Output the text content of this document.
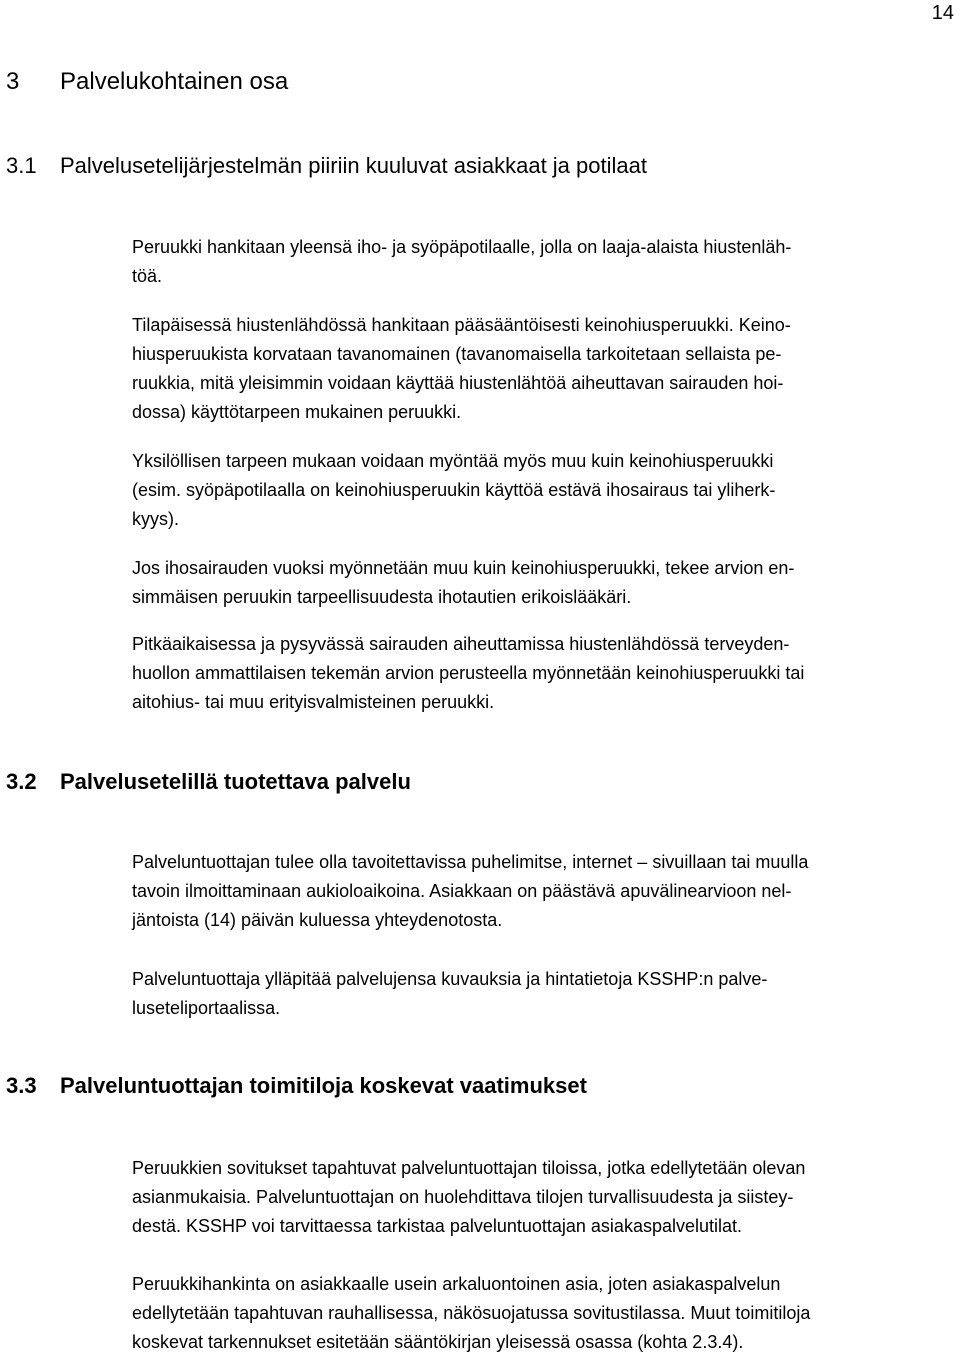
14
3 Palvelukohtainen osa
3.1 Palvelusetelijärjestelmän piiriin kuuluvat asiakkaat ja potilaat
Peruukki hankitaan yleensä iho- ja syöpäpotilaalle, jolla on laaja-alaista hiustenläh-
töä.
Tilapäisessä hiustenlähdössä hankitaan pääsääntöisesti keinohiusperuukki. Keino-
hiusperuukista korvataan tavanomainen (tavanomaisella tarkoitetaan sellaista pe-
ruukkia, mitä yleisimmin voidaan käyttää hiustenlähtöä aiheuttavan sairauden hoi-
dossa) käyttötarpeen mukainen peruukki.
Yksilöllisen tarpeen mukaan voidaan myöntää myös muu kuin keinohiusperuukki
(esim. syöpäpotilaalla on keinohiusperuukin käyttöä estävä ihosairaus tai yliherk-
kyys).
Jos ihosairauden vuoksi myönnetään muu kuin keinohiusperuukki, tekee arvion en-
simmäisen peruukin tarpeellisuudesta ihotautien erikoislääkäri.
Pitkäaikaisessa ja pysyvässä sairauden aiheuttamissa hiustenlähdössä terveyden-
huollon ammattilaisen tekemän arvion perusteella myönnetään keinohiusperuukki tai
aitohius- tai muu erityisvalmisteinen peruukki.
3.2 Palvelusetelillä tuotettava palvelu
Palveluntuottajan tulee olla tavoitettavissa puhelimitse, internet – sivuillaan tai muulla
tavoin ilmoittaminaan aukioloaikoina. Asiakkaan on päästävä apuvälinearvioon nel-
jäntoista (14) päivän kuluessa yhteydenotosta.
Palveluntuottaja ylläpitää palvelujensa kuvauksia ja hintatietoja KSSHP:n palve-
luseteliportaalissa.
3.3 Palveluntuottajan toimitiloja koskevat vaatimukset
Peruukkien sovitukset tapahtuvat palveluntuottajan tiloissa, jotka edellytetään olevan
asianmukaisia. Palveluntuottajan on huolehdittava tilojen turvallisuudesta ja siistey-
destä. KSSHP voi tarvittaessa tarkistaa palveluntuottajan asiakaspalvelutilat.
Peruukkihankinta on asiakkaalle usein arkaluontoinen asia, joten asiakaspalvelun
edellytetään tapahtuvan rauhallisessa, näkösuojatussa sovitustilassa. Muut toimitiloja
koskevat tarkennukset esitetään sääntökirjan yleisessä osassa (kohta 2.3.4).
